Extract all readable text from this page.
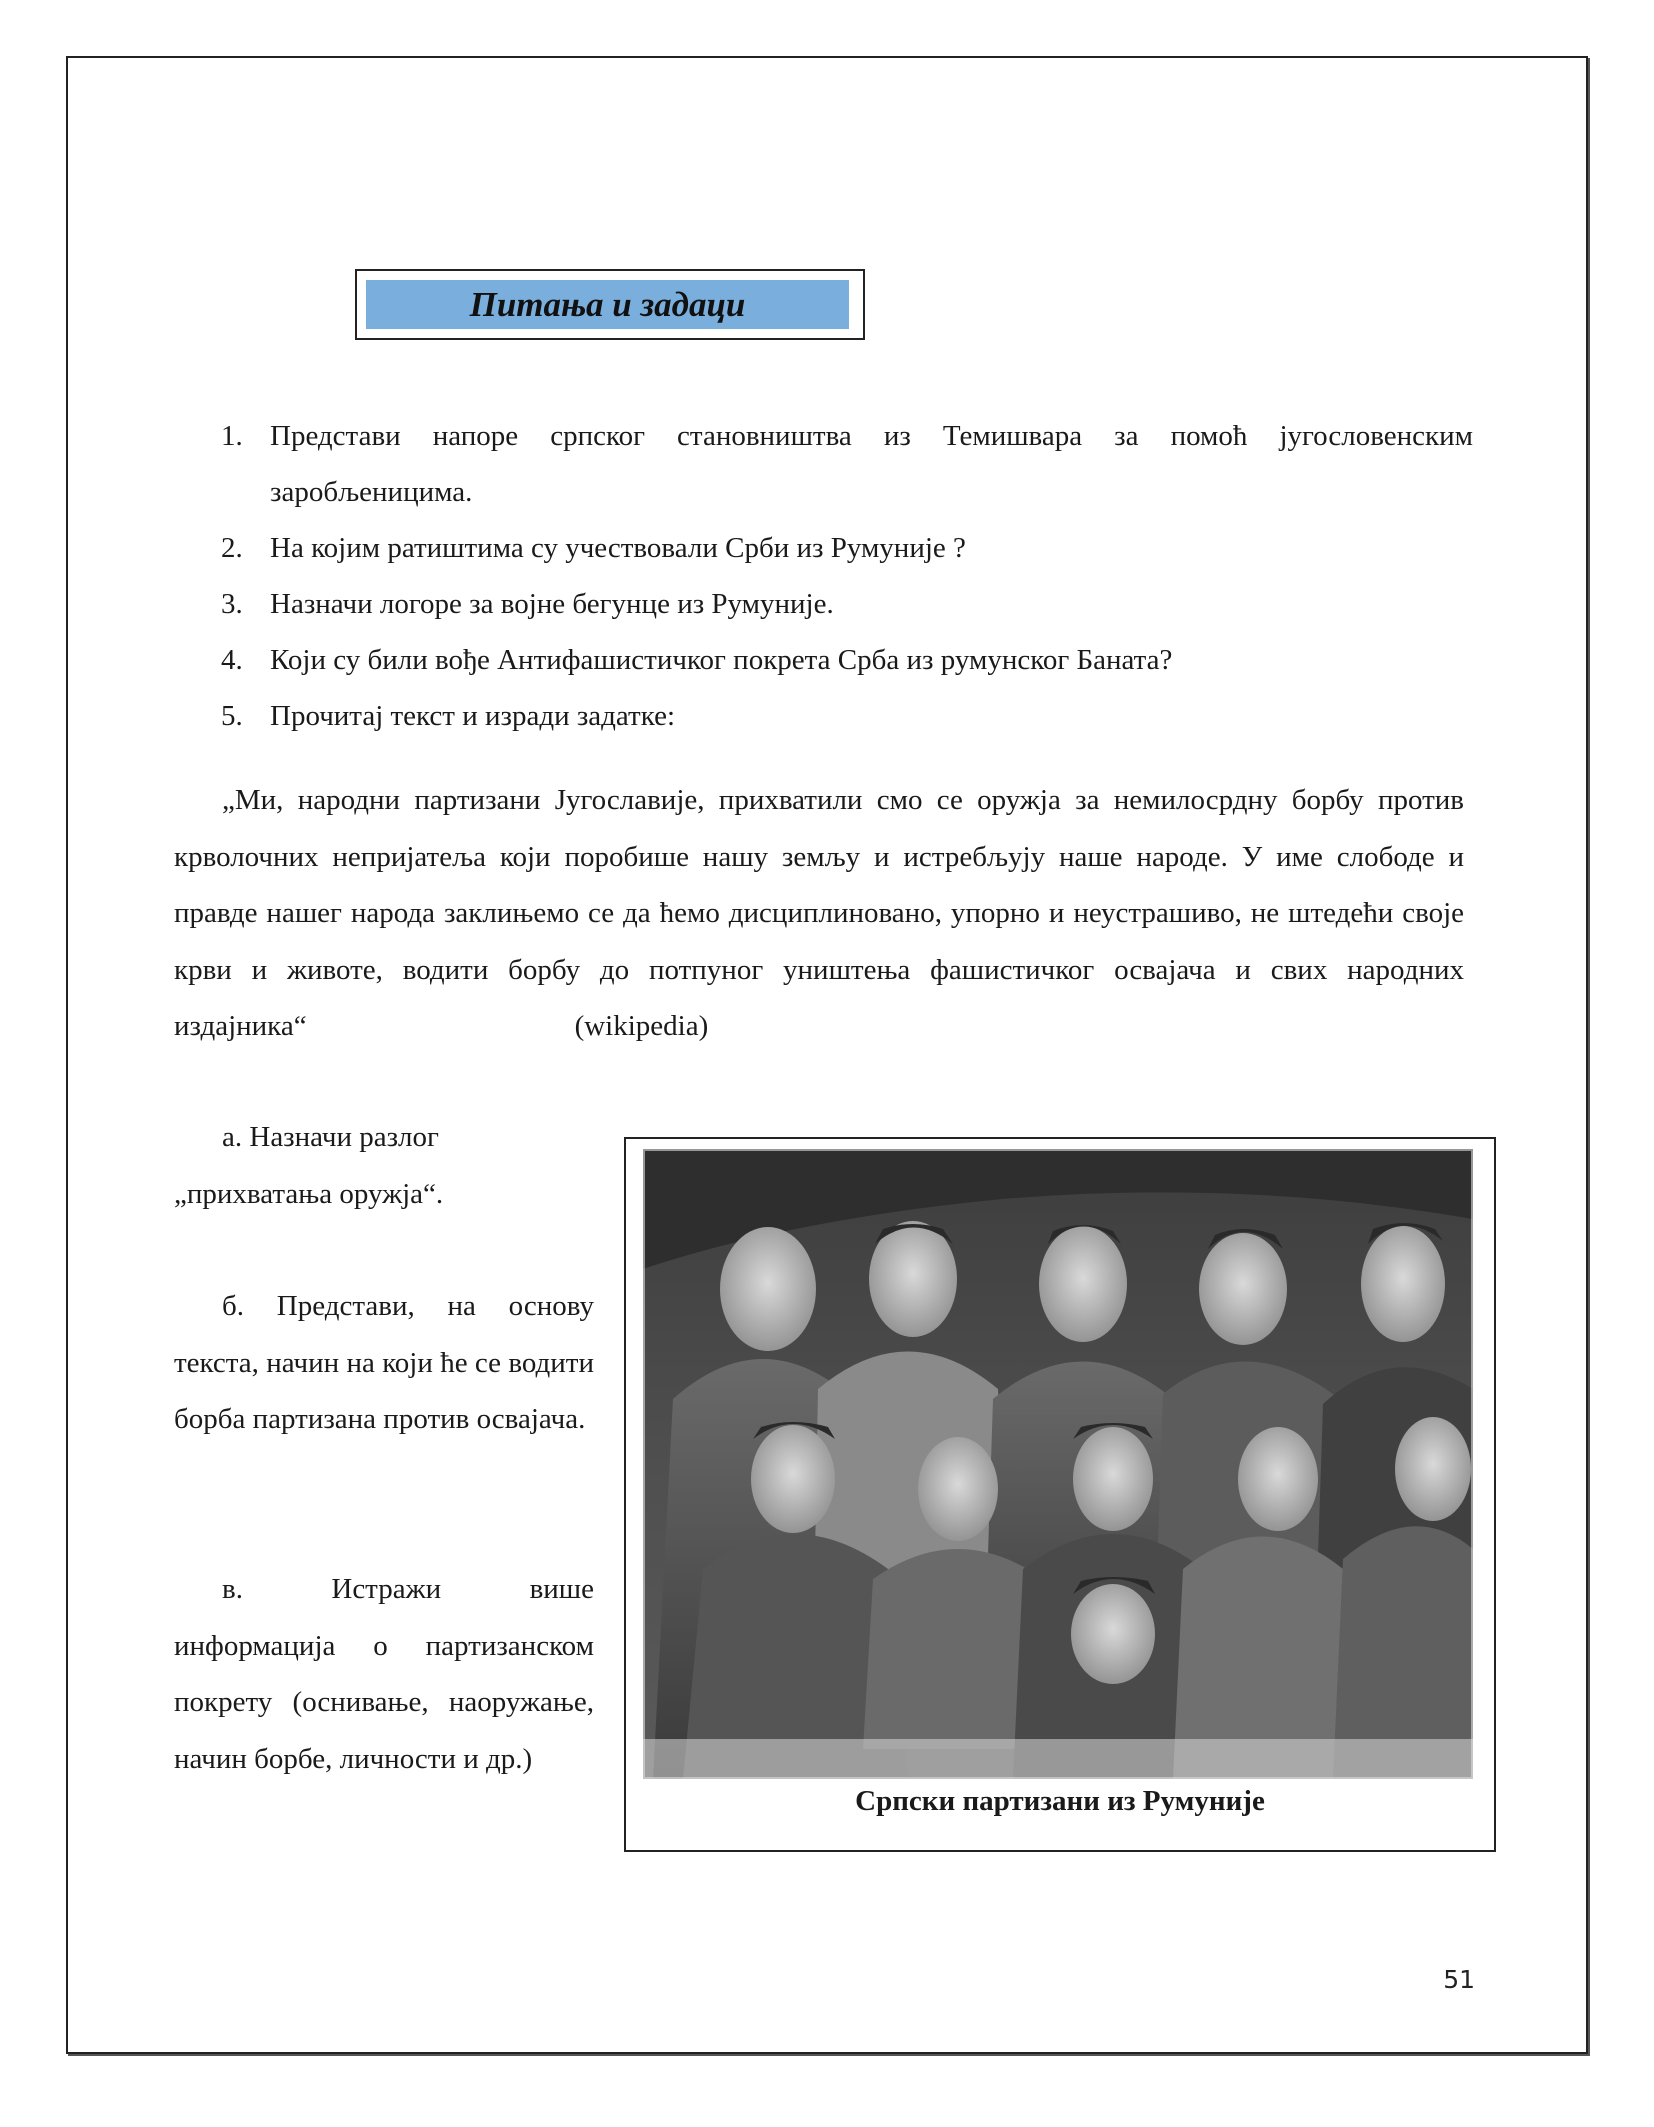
Питања и задаци
1. Представи напоре српског становништва из Темишвара за помоћ југословенским заробљеницима.
2. На којим ратиштима су учествовали Срби из Румуније ?
3. Назначи логоре за војне бегунце из Румуније.
4. Који су били вође Антифашистичког покрета Срба из румунског Баната?
5. Прочитај текст и изради задатке:

„Ми, народни партизани Југославије, прихватили смо се оружја за немилосрдну борбу против крволочних непријатеља који поробише нашу земљу и истребљују наше народе. У име слободе и правде нашег народа заклињемо се да ћемо дисциплиновано, упорно и неустрашиво, не штедећи своје крви и животе, водити борбу до потпуног уништења фашистичког освајача и свих народних издајника“	(wikipedia)

а. Назначи разлог „прихватања оружја“.

б. Представи, на основу текста, начин на који ће се водити борба партизана против освајача.

в. Истражи више информација о партизанском покрету (оснивање, наоружање, начин борбе, личности и др.)

Српски партизани из Румуније
51
